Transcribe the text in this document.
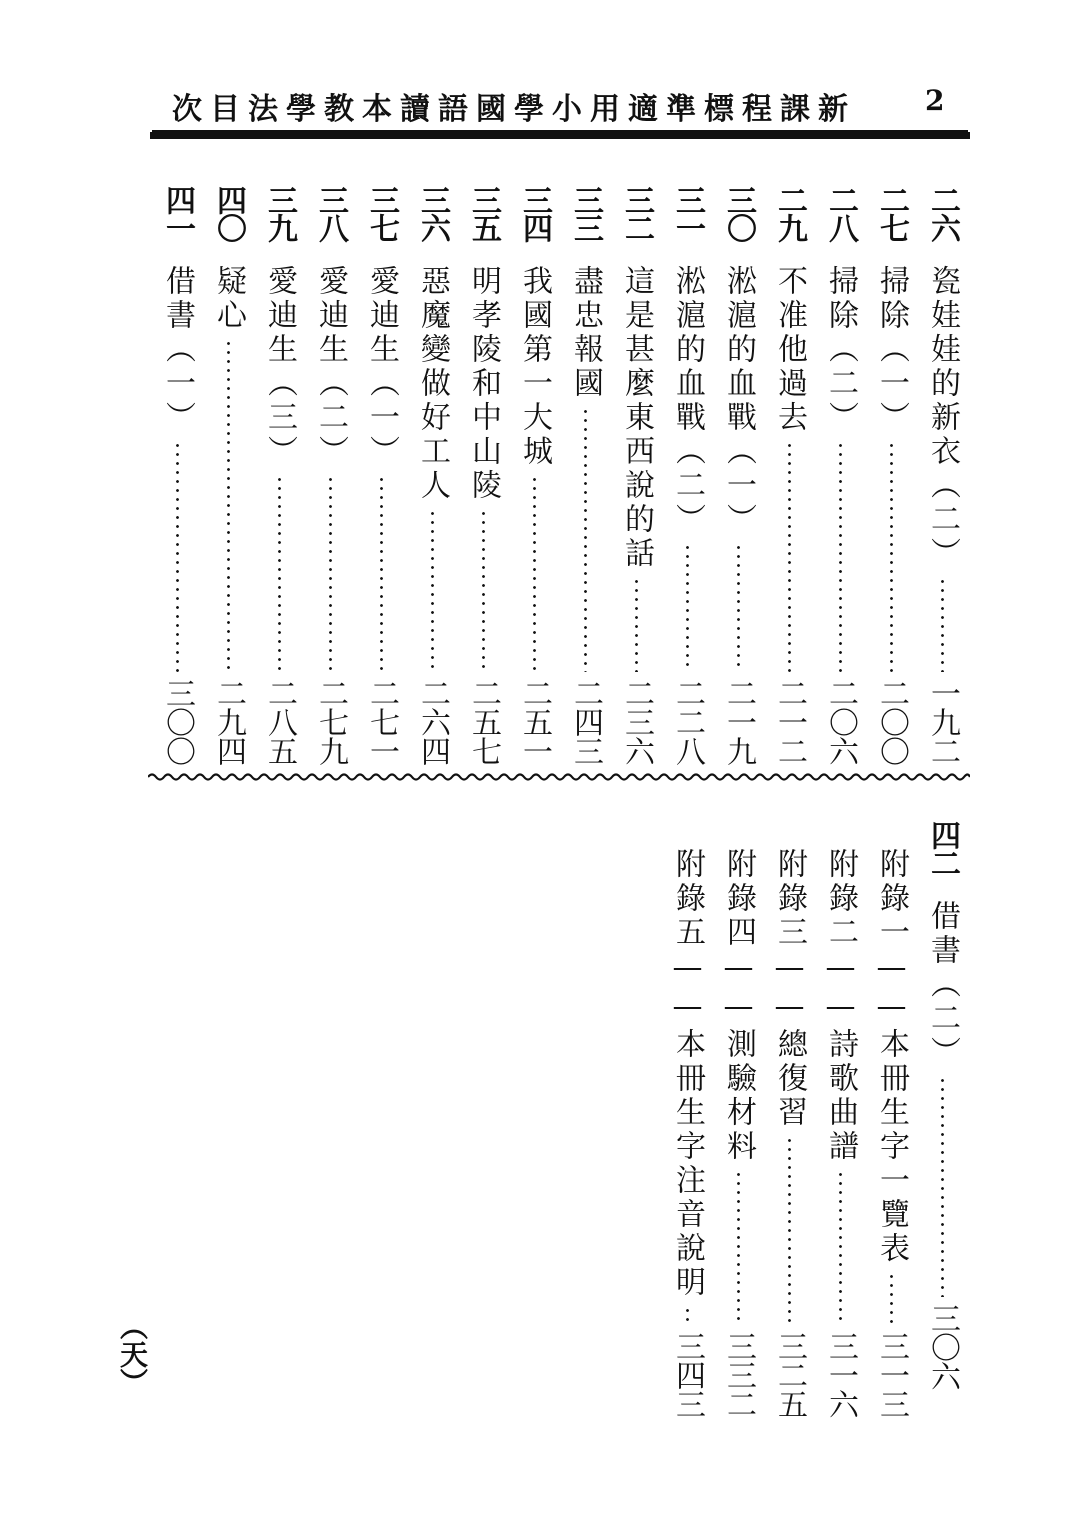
新課程標準適用小學國語讀本教學法目次 2
二六
瓷娃娃的新衣（二）
一九二
二七
掃除（一）
二〇〇
二八
掃除（二）
二〇六
二九
不准他過去
二一二
三〇
淞滬的血戰（一）
二一九
三一
淞滬的血戰（二）
二二八
三二
這是甚麼東西說的話
二三六
三三
盡忠報國
二四三
三四
我國第一大城
二五一
三五
明孝陵和中山陵
二五七
三六
惡魔變做好工人
二六四
三七
愛迪生（一）
二七一
三八
愛迪生（二）
二七九
三九
愛迪生（三）
二八五
四〇
疑心
二九四
四一
借書（一）
三〇〇
四二
借書（二）
三〇六
附錄一——本冊生字一覽表
三一三
附錄二——詩歌曲譜
三一六
附錄三——總復習
三二五
附錄四——測驗材料
三三二
附錄五——本冊生字注音說明
三四三
（天）
